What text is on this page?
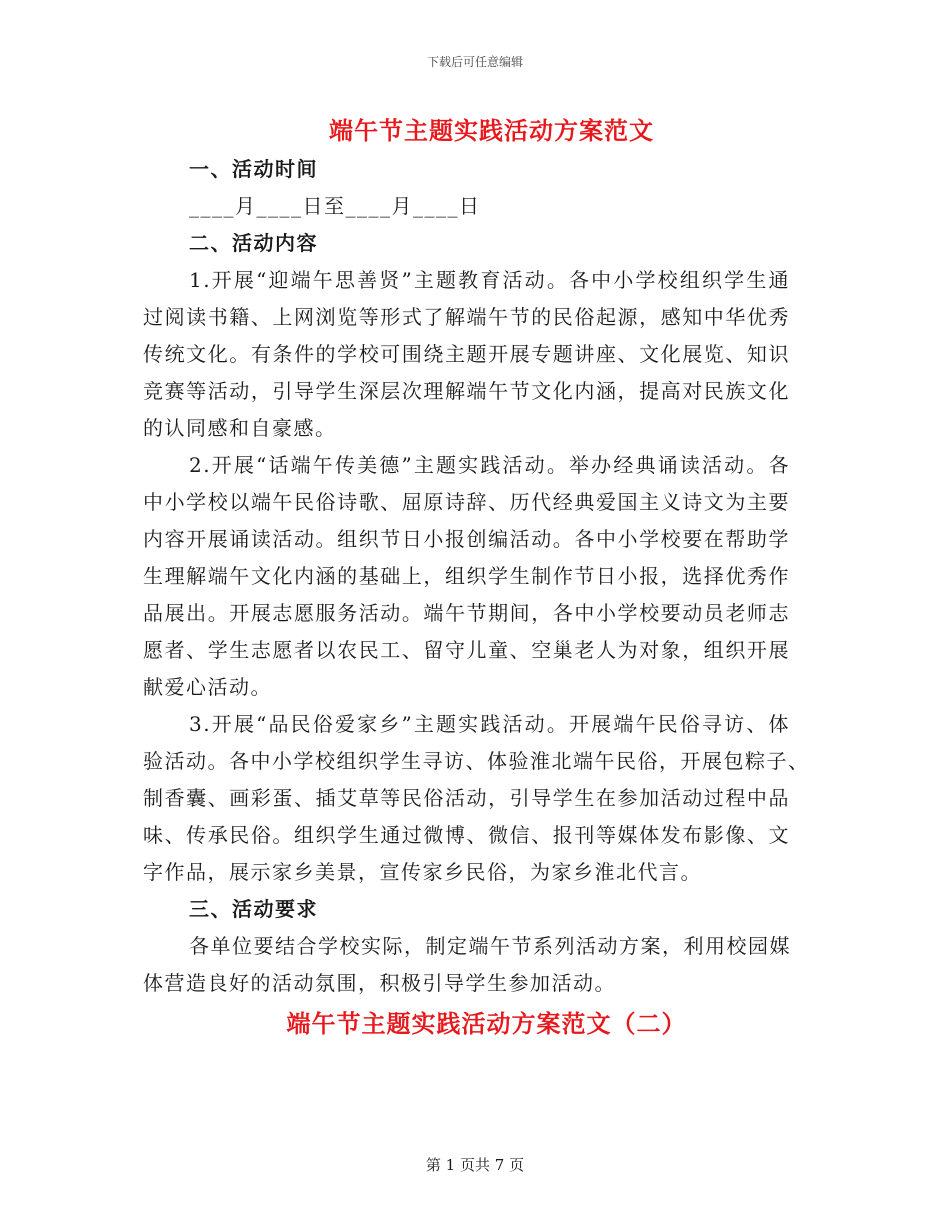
下载后可任意编辑
端午节主题实践活动方案范文
一、活动时间
____月____日至____月____日
二、活动内容
1.开展“迎端午思善贤”主题教育活动。各中小学校组织学生通
过阅读书籍、上网浏览等形式了解端午节的民俗起源，感知中华优秀
传统文化。有条件的学校可围绕主题开展专题讲座、文化展览、知识
竞赛等活动，引导学生深层次理解端午节文化内涵，提高对民族文化
的认同感和自豪感。
2.开展“话端午传美德”主题实践活动。举办经典诵读活动。各
中小学校以端午民俗诗歌、屈原诗辞、历代经典爱国主义诗文为主要
内容开展诵读活动。组织节日小报创编活动。各中小学校要在帮助学
生理解端午文化内涵的基础上，组织学生制作节日小报，选择优秀作
品展出。开展志愿服务活动。端午节期间，各中小学校要动员老师志
愿者、学生志愿者以农民工、留守儿童、空巢老人为对象，组织开展
献爱心活动。
3.开展“品民俗爱家乡”主题实践活动。开展端午民俗寻访、体
验活动。各中小学校组织学生寻访、体验淮北端午民俗，开展包粽子、
制香囊、画彩蛋、插艾草等民俗活动，引导学生在参加活动过程中品
味、传承民俗。组织学生通过微博、微信、报刊等媒体发布影像、文
字作品，展示家乡美景，宣传家乡民俗，为家乡淮北代言。
三、活动要求
各单位要结合学校实际，制定端午节系列活动方案，利用校园媒
体营造良好的活动氛围，积极引导学生参加活动。
端午节主题实践活动方案范文（二）
第 1 页共 7 页
